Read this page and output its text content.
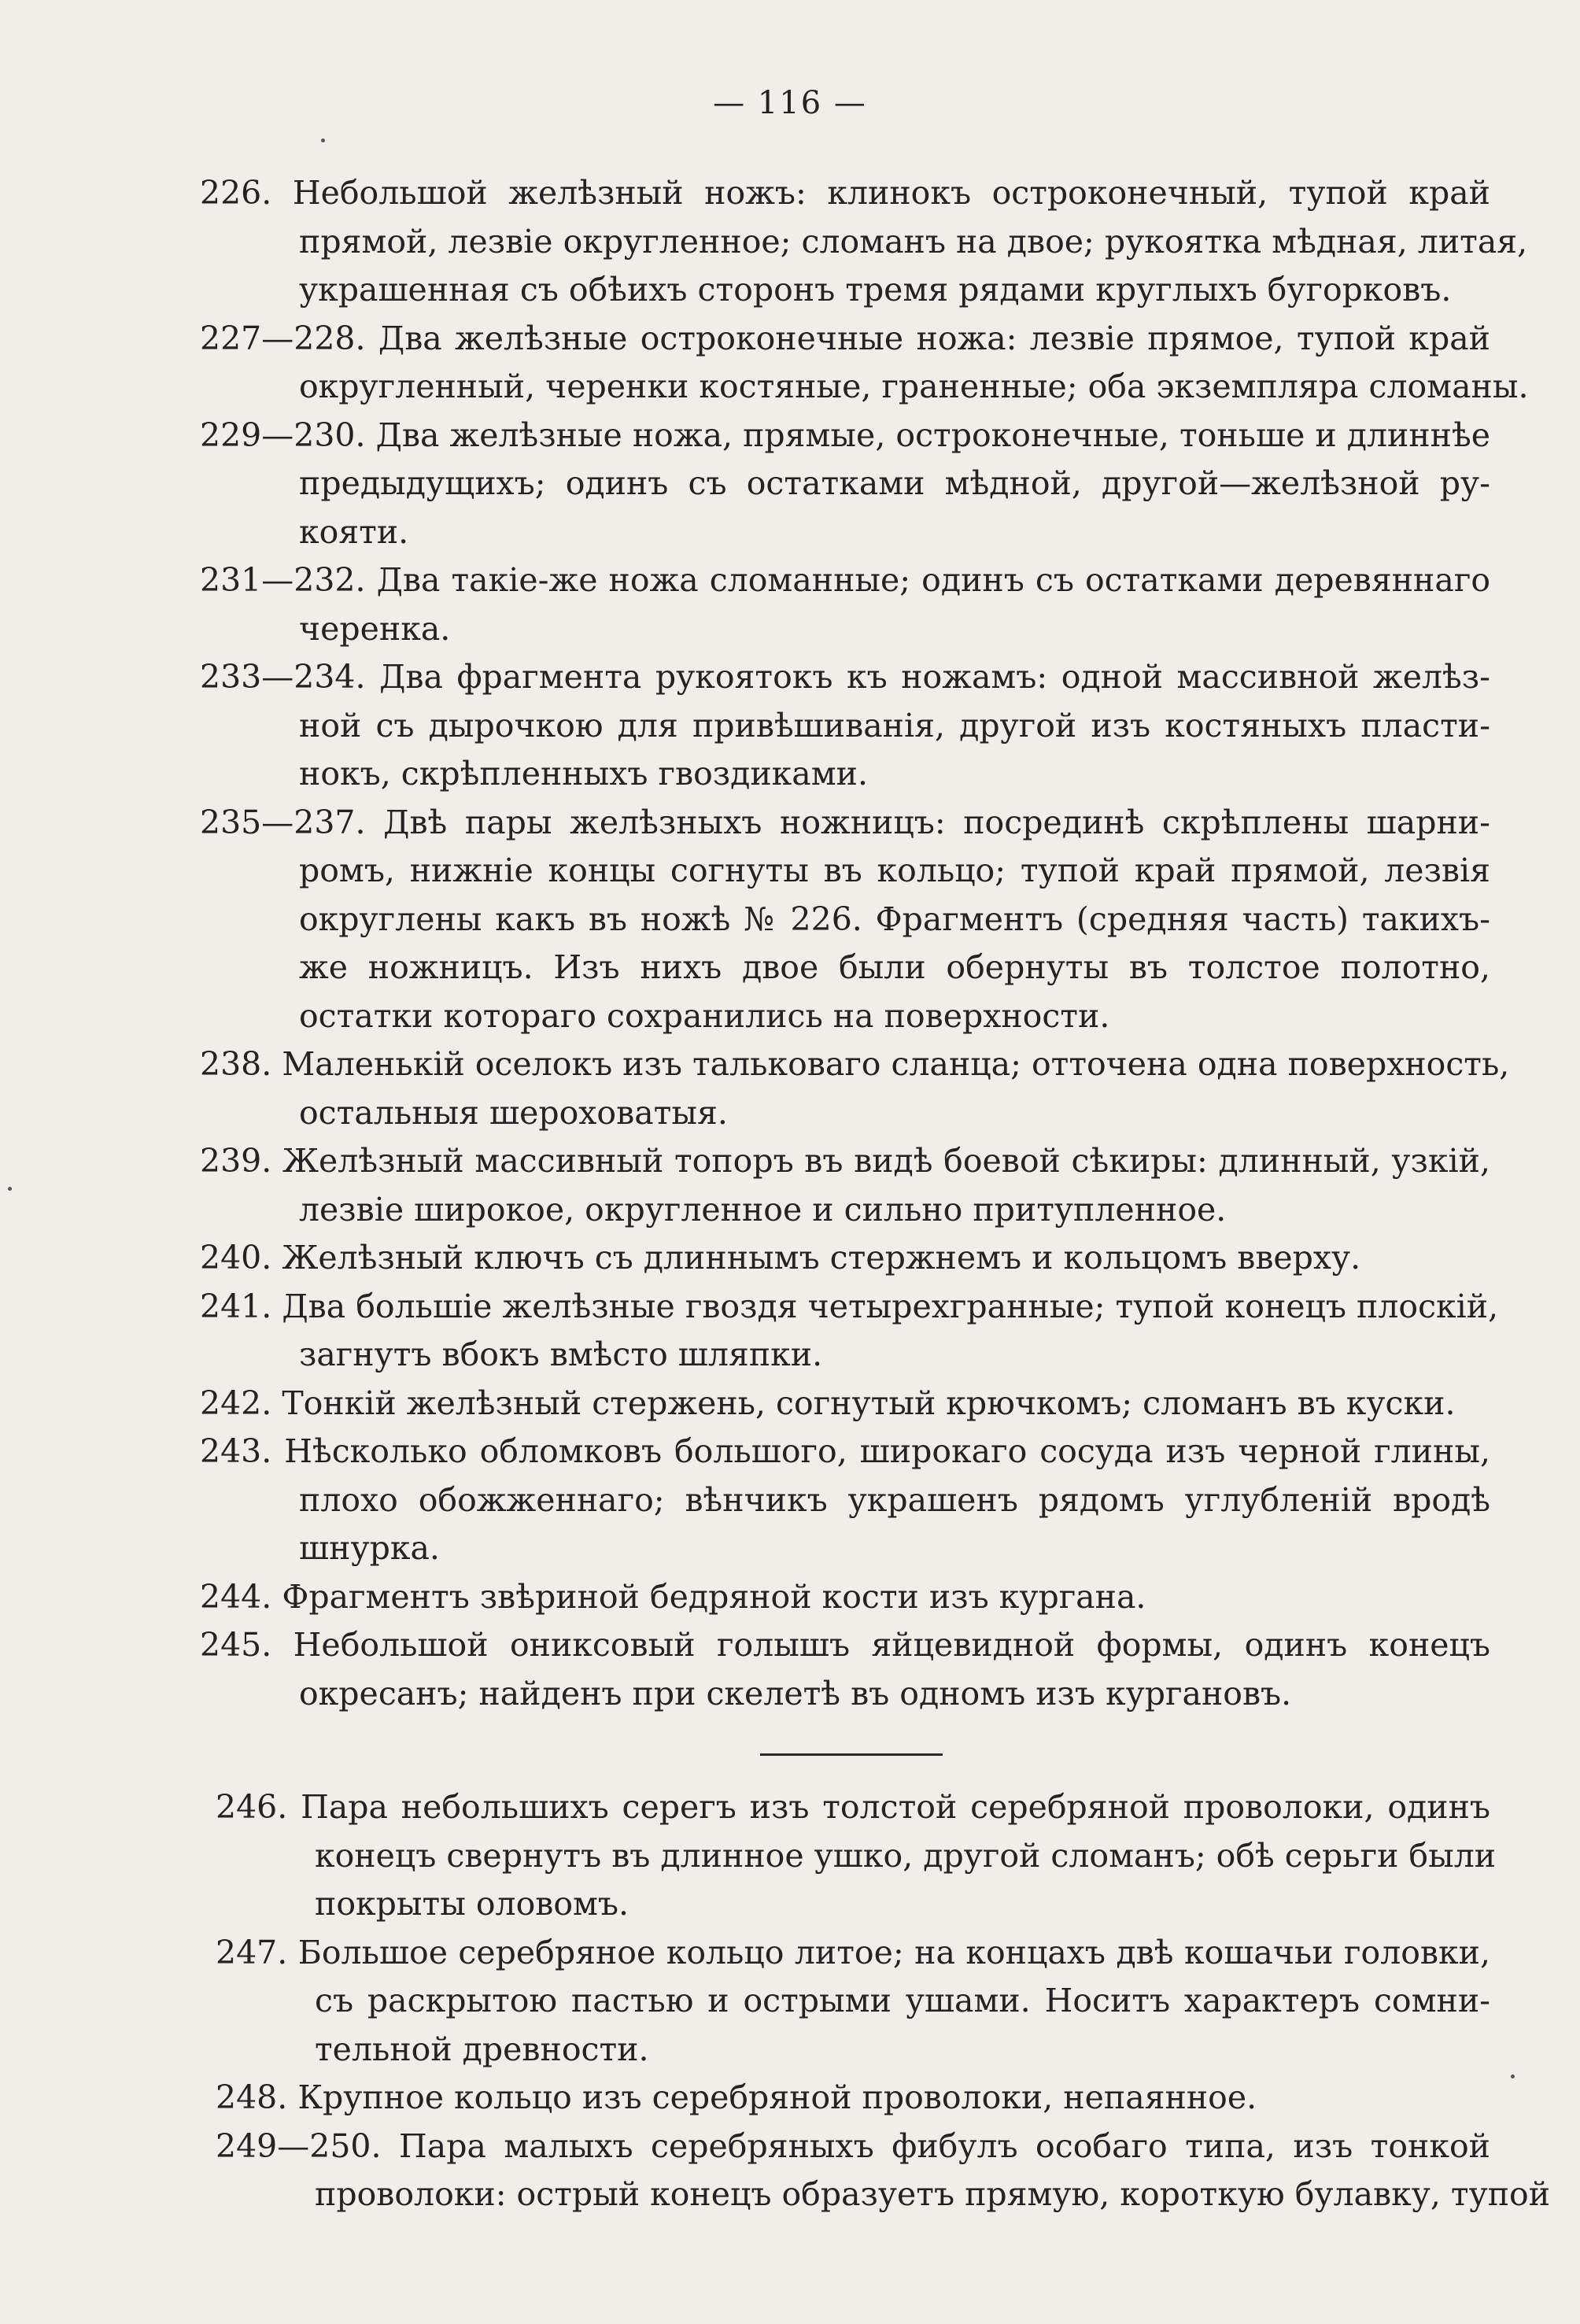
— 116 —
226. Небольшой желѣзный ножъ: клинокъ остроконечный, тупой край
прямой, лезвіе округленное; сломанъ на двое; рукоятка мѣдная, литая,
украшенная съ обѣихъ сторонъ тремя рядами круглыхъ бугорковъ.
227—228. Два желѣзные остроконечные ножа: лезвіе прямое, тупой край
округленный, черенки костяные, граненные; оба экземпляра сломаны.
229—230. Два желѣзные ножа, прямые, остроконечные, тоньше и длиннѣе
предыдущихъ; одинъ съ остатками мѣдной, другой—желѣзной ру-
кояти.
231—232. Два такіе-же ножа сломанные; одинъ съ остатками деревяннаго
черенка.
233—234. Два фрагмента рукоятокъ къ ножамъ: одной массивной желѣз-
ной съ дырочкою для привѣшиванія, другой изъ костяныхъ пласти-
нокъ, скрѣпленныхъ гвоздиками.
235—237. Двѣ пары желѣзныхъ ножницъ: посрединѣ скрѣплены шарни-
ромъ, нижніе концы согнуты въ кольцо; тупой край прямой, лезвія
округлены какъ въ ножѣ № 226. Фрагментъ (средняя часть) такихъ-
же ножницъ. Изъ нихъ двое были обернуты въ толстое полотно,
остатки котораго сохранились на поверхности.
238. Маленькій оселокъ изъ тальковаго сланца; отточена одна поверхность,
остальныя шероховатыя.
239. Желѣзный массивный топоръ въ видѣ боевой сѣкиры: длинный, узкій,
лезвіе широкое, округленное и сильно притупленное.
240. Желѣзный ключъ съ длиннымъ стержнемъ и кольцомъ вверху.
241. Два большіе желѣзные гвоздя четырехгранные; тупой конецъ плоскій,
загнутъ вбокъ вмѣсто шляпки.
242. Тонкій желѣзный стержень, согнутый крючкомъ; сломанъ въ куски.
243. Нѣсколько обломковъ большого, широкаго сосуда изъ черной глины,
плохо обожженнаго; вѣнчикъ украшенъ рядомъ углубленій вродѣ
шнурка.
244. Фрагментъ звѣриной бедряной кости изъ кургана.
245. Небольшой ониксовый голышъ яйцевидной формы, одинъ конецъ
окресанъ; найденъ при скелетѣ въ одномъ изъ кургановъ.
246. Пара небольшихъ серегъ изъ толстой серебряной проволоки, одинъ
конецъ свернутъ въ длинное ушко, другой сломанъ; обѣ серьги были
покрыты оловомъ.
247. Большое серебряное кольцо литое; на концахъ двѣ кошачьи головки,
съ раскрытою пастью и острыми ушами. Носитъ характеръ сомни-
тельной древности.
248. Крупное кольцо изъ серебряной проволоки, непаянное.
249—250. Пара малыхъ серебряныхъ фибулъ особаго типа, изъ тонкой
проволоки: острый конецъ образуетъ прямую, короткую булавку, тупой
